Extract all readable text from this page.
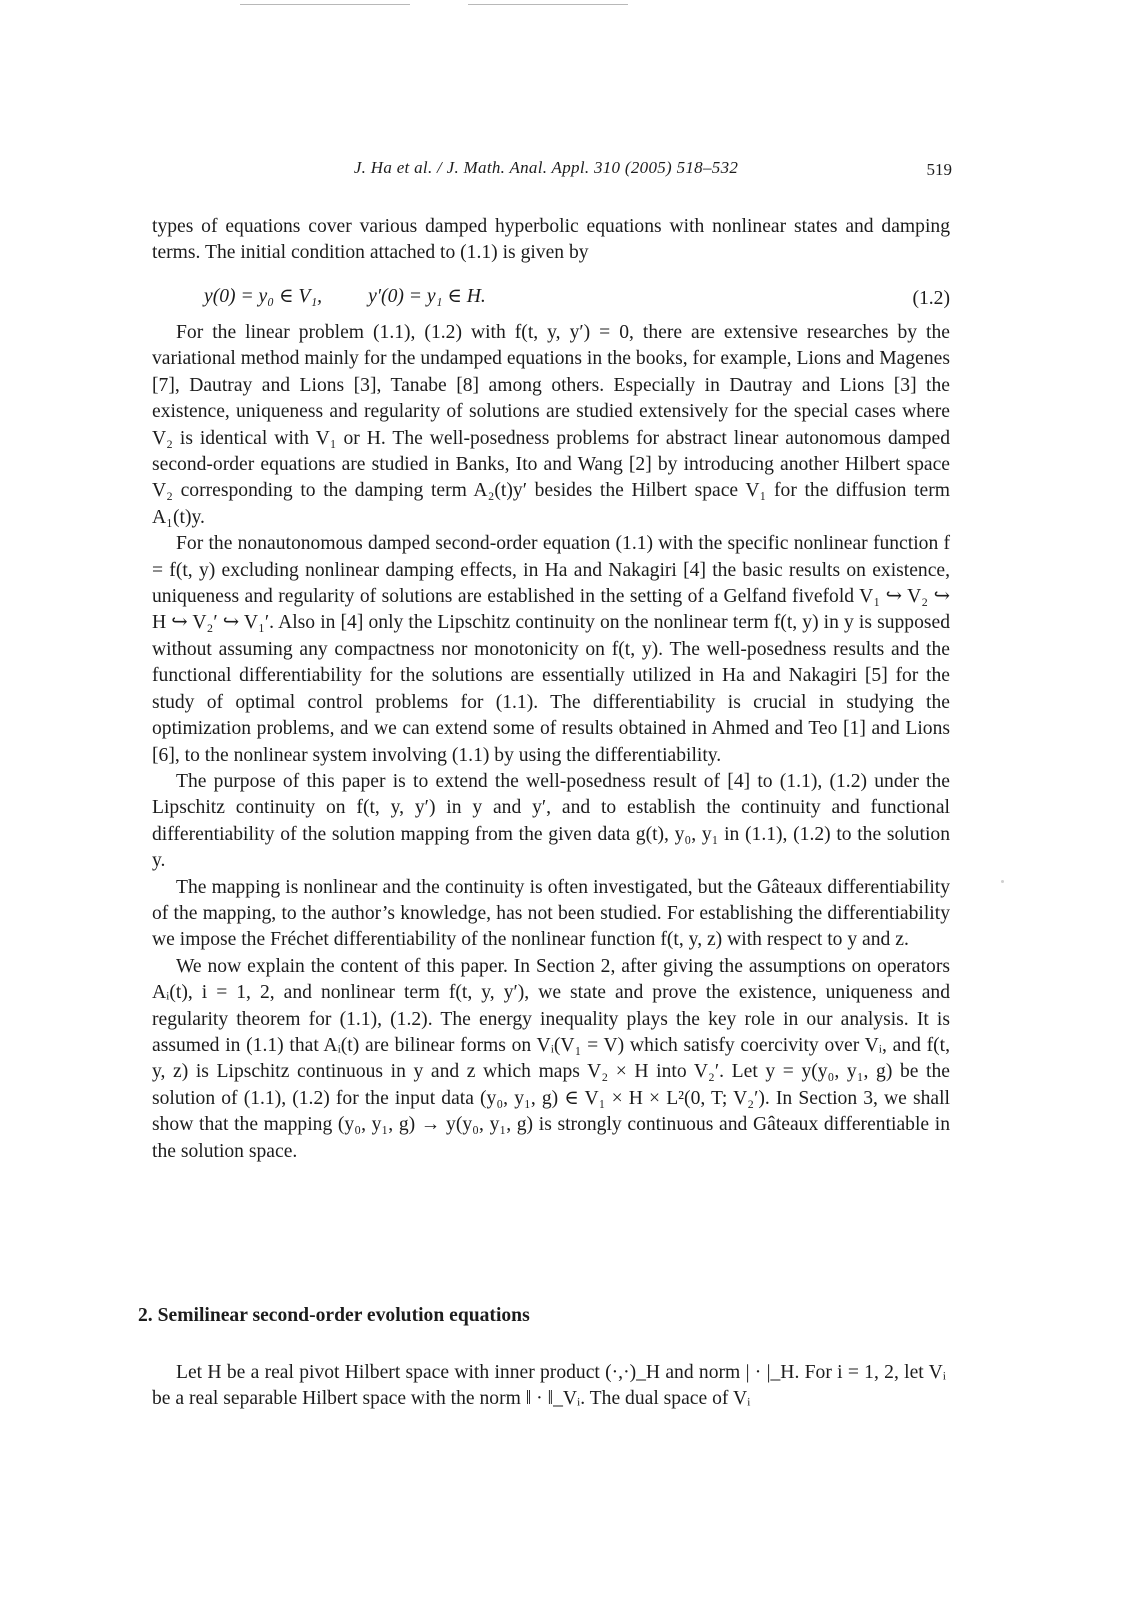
J. Ha et al. / J. Math. Anal. Appl. 310 (2005) 518–532	519

types of equations cover various damped hyperbolic equations with nonlinear states and damping terms. The initial condition attached to (1.1) is given by

y(0) = y₀ ∈ V₁, y′(0) = y₁ ∈ H.	(1.2)

For the linear problem (1.1), (1.2) with f(t, y, y′) = 0, there are extensive researches by the variational method mainly for the undamped equations in the books, for example, Lions and Magenes [7], Dautray and Lions [3], Tanabe [8] among others. Especially in Dautray and Lions [3] the existence, uniqueness and regularity of solutions are studied extensively for the special cases where V₂ is identical with V₁ or H. The well-posedness problems for abstract linear autonomous damped second-order equations are studied in Banks, Ito and Wang [2] by introducing another Hilbert space V₂ corresponding to the damping term A₂(t)y′ besides the Hilbert space V₁ for the diffusion term A₁(t)y.

For the nonautonomous damped second-order equation (1.1) with the specific nonlinear function f = f(t, y) excluding nonlinear damping effects, in Ha and Nakagiri [4] the basic results on existence, uniqueness and regularity of solutions are established in the setting of a Gelfand fivefold V₁ ↪ V₂ ↪ H ↪ V₂′ ↪ V₁′. Also in [4] only the Lipschitz continuity on the nonlinear term f(t, y) in y is supposed without assuming any compactness nor monotonicity on f(t, y). The well-posedness results and the functional differentiability for the solutions are essentially utilized in Ha and Nakagiri [5] for the study of optimal control problems for (1.1). The differentiability is crucial in studying the optimization problems, and we can extend some of results obtained in Ahmed and Teo [1] and Lions [6], to the nonlinear system involving (1.1) by using the differentiability.

The purpose of this paper is to extend the well-posedness result of [4] to (1.1), (1.2) under the Lipschitz continuity on f(t, y, y′) in y and y′, and to establish the continuity and functional differentiability of the solution mapping from the given data g(t), y₀, y₁ in (1.1), (1.2) to the solution y.

The mapping is nonlinear and the continuity is often investigated, but the Gâteaux differentiability of the mapping, to the author’s knowledge, has not been studied. For establishing the differentiability we impose the Fréchet differentiability of the nonlinear function f(t, y, z) with respect to y and z.

We now explain the content of this paper. In Section 2, after giving the assumptions on operators Aᵢ(t), i = 1, 2, and nonlinear term f(t, y, y′), we state and prove the existence, uniqueness and regularity theorem for (1.1), (1.2). The energy inequality plays the key role in our analysis. It is assumed in (1.1) that Aᵢ(t) are bilinear forms on Vᵢ(V₁ = V) which satisfy coercivity over Vᵢ, and f(t, y, z) is Lipschitz continuous in y and z which maps V₂ × H into V₂′. Let y = y(y₀, y₁, g) be the solution of (1.1), (1.2) for the input data (y₀, y₁, g) ∈ V₁ × H × L²(0, T; V₂′). In Section 3, we shall show that the mapping (y₀, y₁, g) → y(y₀, y₁, g) is strongly continuous and Gâteaux differentiable in the solution space.

2. Semilinear second-order evolution equations

Let H be a real pivot Hilbert space with inner product (·,·)_H and norm | · |_H. For i = 1, 2, let Vᵢ be a real separable Hilbert space with the norm ‖ · ‖_Vᵢ. The dual space of Vᵢ
